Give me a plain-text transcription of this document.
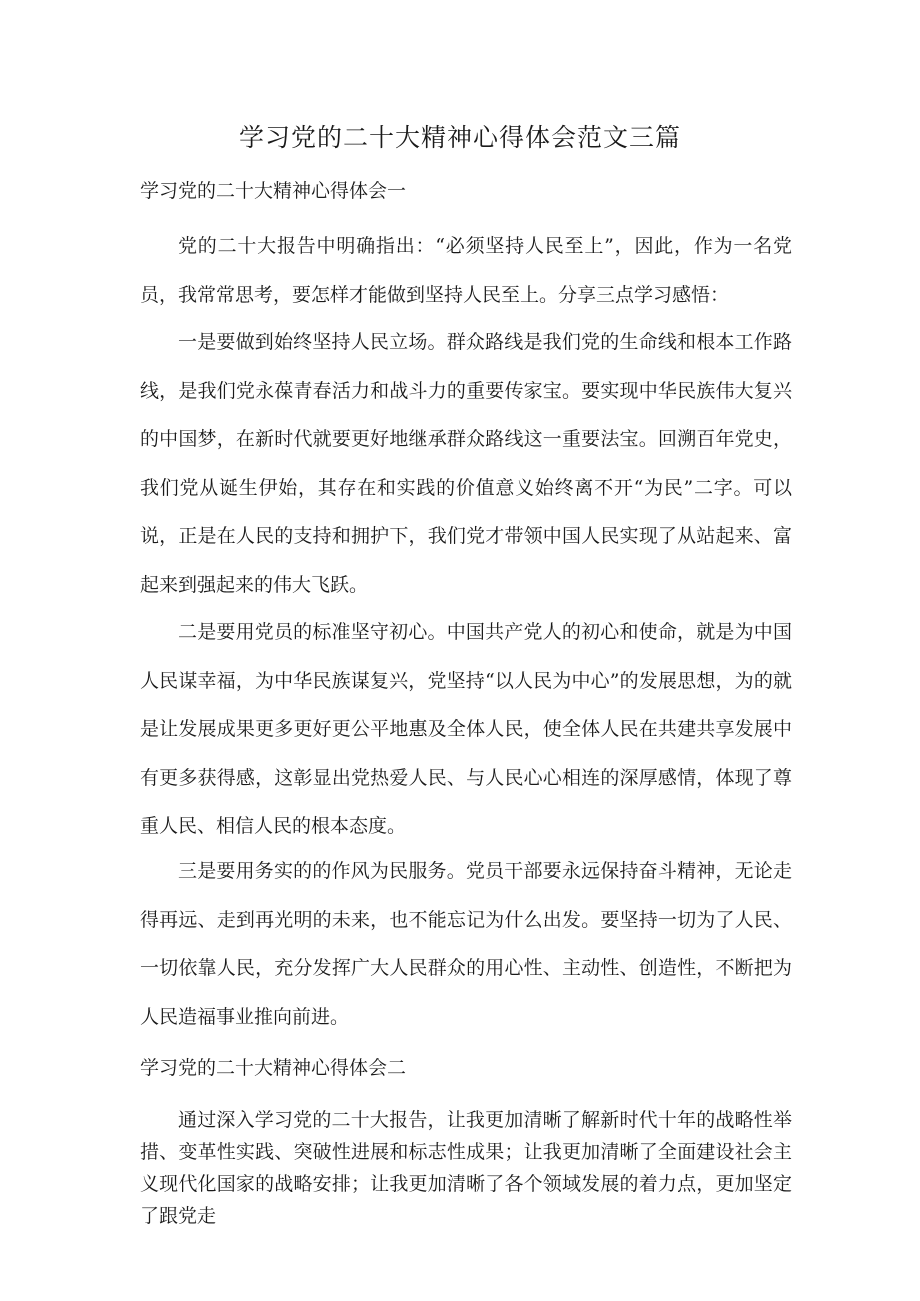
学习党的二十大精神心得体会范文三篇
学习党的二十大精神心得体会一

党的二十大报告中明确指出：“必须坚持人民至上”，因此，作为一名党员，我常常思考，要怎样才能做到坚持人民至上。分享三点学习感悟：

一是要做到始终坚持人民立场。群众路线是我们党的生命线和根本工作路线，是我们党永葆青春活力和战斗力的重要传家宝。要实现中华民族伟大复兴的中国梦，在新时代就要更好地继承群众路线这一重要法宝。回溯百年党史，我们党从诞生伊始，其存在和实践的价值意义始终离不开“为民”二字。可以说，正是在人民的支持和拥护下，我们党才带领中国人民实现了从站起来、富起来到强起来的伟大飞跃。

二是要用党员的标准坚守初心。中国共产党人的初心和使命，就是为中国人民谋幸福，为中华民族谋复兴，党坚持“以人民为中心”的发展思想，为的就是让发展成果更多更好更公平地惠及全体人民，使全体人民在共建共享发展中有更多获得感，这彰显出党热爱人民、与人民心心相连的深厚感情，体现了尊重人民、相信人民的根本态度。

三是要用务实的的作风为民服务。党员干部要永远保持奋斗精神，无论走得再远、走到再光明的未来，也不能忘记为什么出发。要坚持一切为了人民、一切依靠人民，充分发挥广大人民群众的用心性、主动性、创造性，不断把为人民造福事业推向前进。

学习党的二十大精神心得体会二

通过深入学习党的二十大报告，让我更加清晰了解新时代十年的战略性举措、变革性实践、突破性进展和标志性成果；让我更加清晰了全面建设社会主义现代化国家的战略安排；让我更加清晰了各个领域发展的着力点，更加坚定了跟党走
